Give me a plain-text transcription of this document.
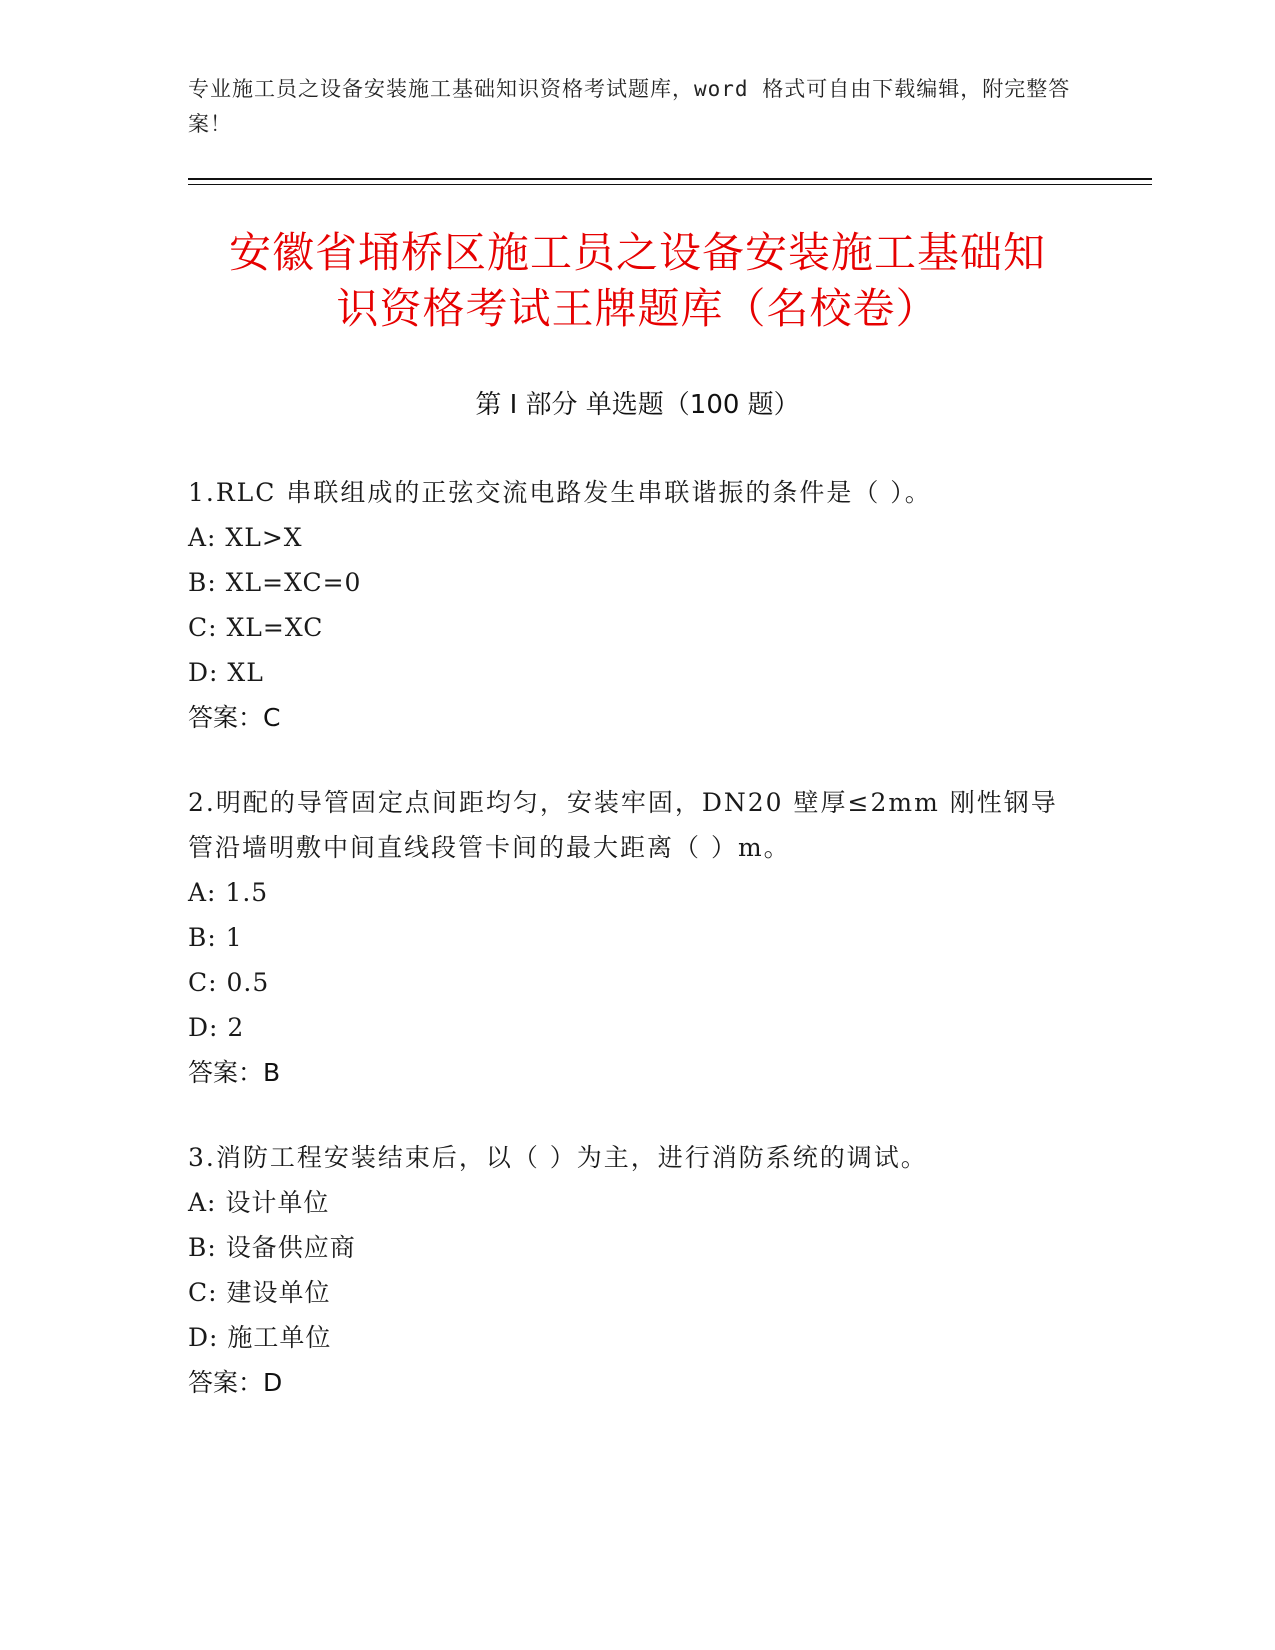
专业施工员之设备安装施工基础知识资格考试题库，word 格式可自由下载编辑，附完整答案！
安徽省埇桥区施工员之设备安装施工基础知
识资格考试王牌题库（名校卷）
第 I 部分 单选题（100 题）

1.RLC 串联组成的正弦交流电路发生串联谐振的条件是（ ）。

A: XL>X

B: XL=XC=0

C: XL=XC

D: XL

答案：C

2.明配的导管固定点间距均匀，安装牢固，DN20 壁厚≤2mm 刚性钢导管沿墙明敷中间直线段管卡间的最大距离（ ）m。

A: 1.5

B: 1

C: 0.5

D: 2

答案：B

3.消防工程安装结束后，以（ ）为主，进行消防系统的调试。

A: 设计单位

B: 设备供应商

C: 建设单位

D: 施工单位

答案：D
